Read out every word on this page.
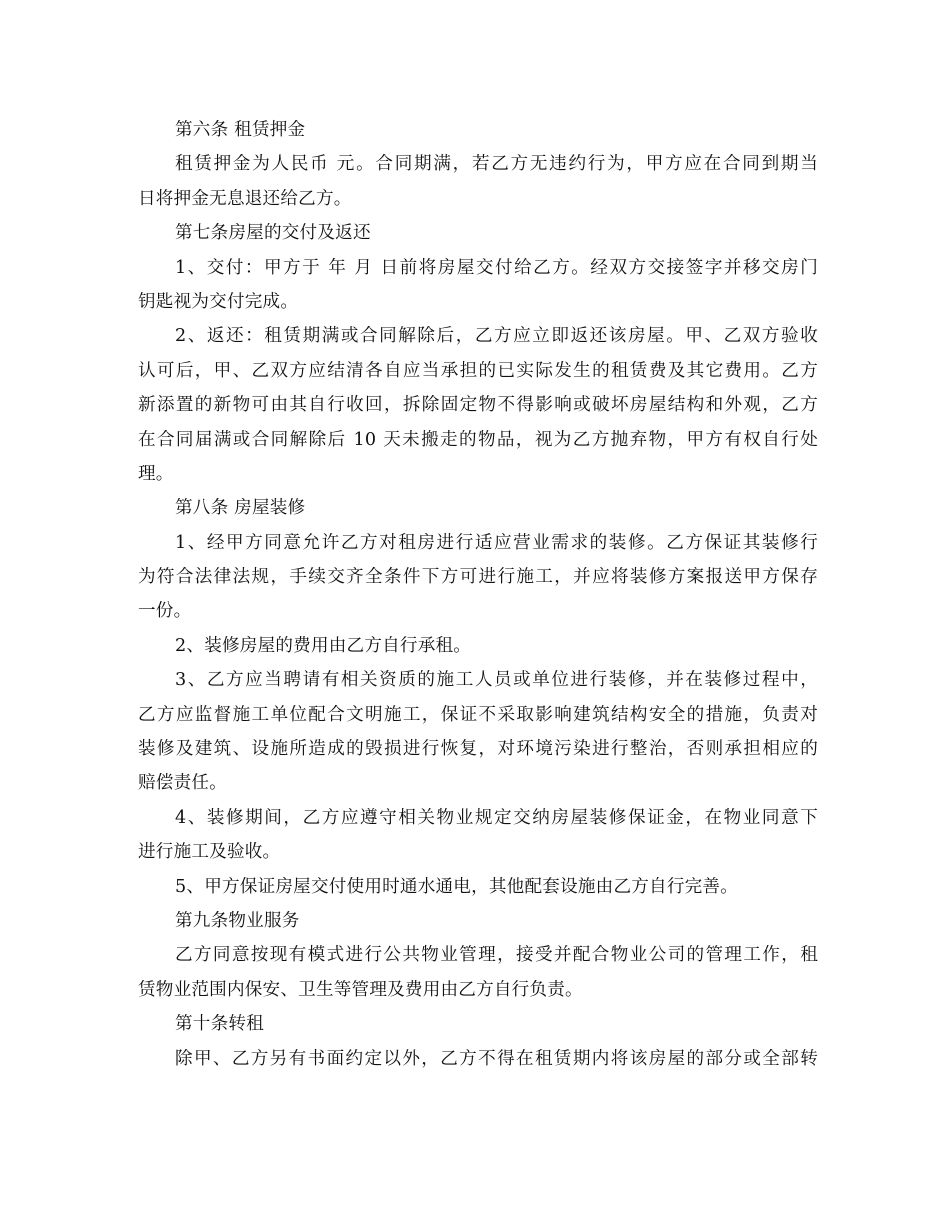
第六条 租赁押金
租赁押金为人民币 元。合同期满，若乙方无违约行为，甲方应在合同到期当
日将押金无息退还给乙方。
第七条房屋的交付及返还
1、交付：甲方于 年 月 日前将房屋交付给乙方。经双方交接签字并移交房门
钥匙视为交付完成。
2、返还：租赁期满或合同解除后，乙方应立即返还该房屋。甲、乙双方验收
认可后，甲、乙双方应结清各自应当承担的已实际发生的租赁费及其它费用。乙方
新添置的新物可由其自行收回，拆除固定物不得影响或破坏房屋结构和外观，乙方
在合同届满或合同解除后 10 天未搬走的物品，视为乙方抛弃物，甲方有权自行处
理。
第八条 房屋装修
1、经甲方同意允许乙方对租房进行适应营业需求的装修。乙方保证其装修行
为符合法律法规，手续交齐全条件下方可进行施工，并应将装修方案报送甲方保存
一份。
2、装修房屋的费用由乙方自行承租。
3、乙方应当聘请有相关资质的施工人员或单位进行装修，并在装修过程中，
乙方应监督施工单位配合文明施工，保证不采取影响建筑结构安全的措施，负责对
装修及建筑、设施所造成的毁损进行恢复，对环境污染进行整治，否则承担相应的
赔偿责任。
4、装修期间，乙方应遵守相关物业规定交纳房屋装修保证金，在物业同意下
进行施工及验收。
5、甲方保证房屋交付使用时通水通电，其他配套设施由乙方自行完善。
第九条物业服务
乙方同意按现有模式进行公共物业管理，接受并配合物业公司的管理工作，租
赁物业范围内保安、卫生等管理及费用由乙方自行负责。
第十条转租
除甲、乙方另有书面约定以外，乙方不得在租赁期内将该房屋的部分或全部转
